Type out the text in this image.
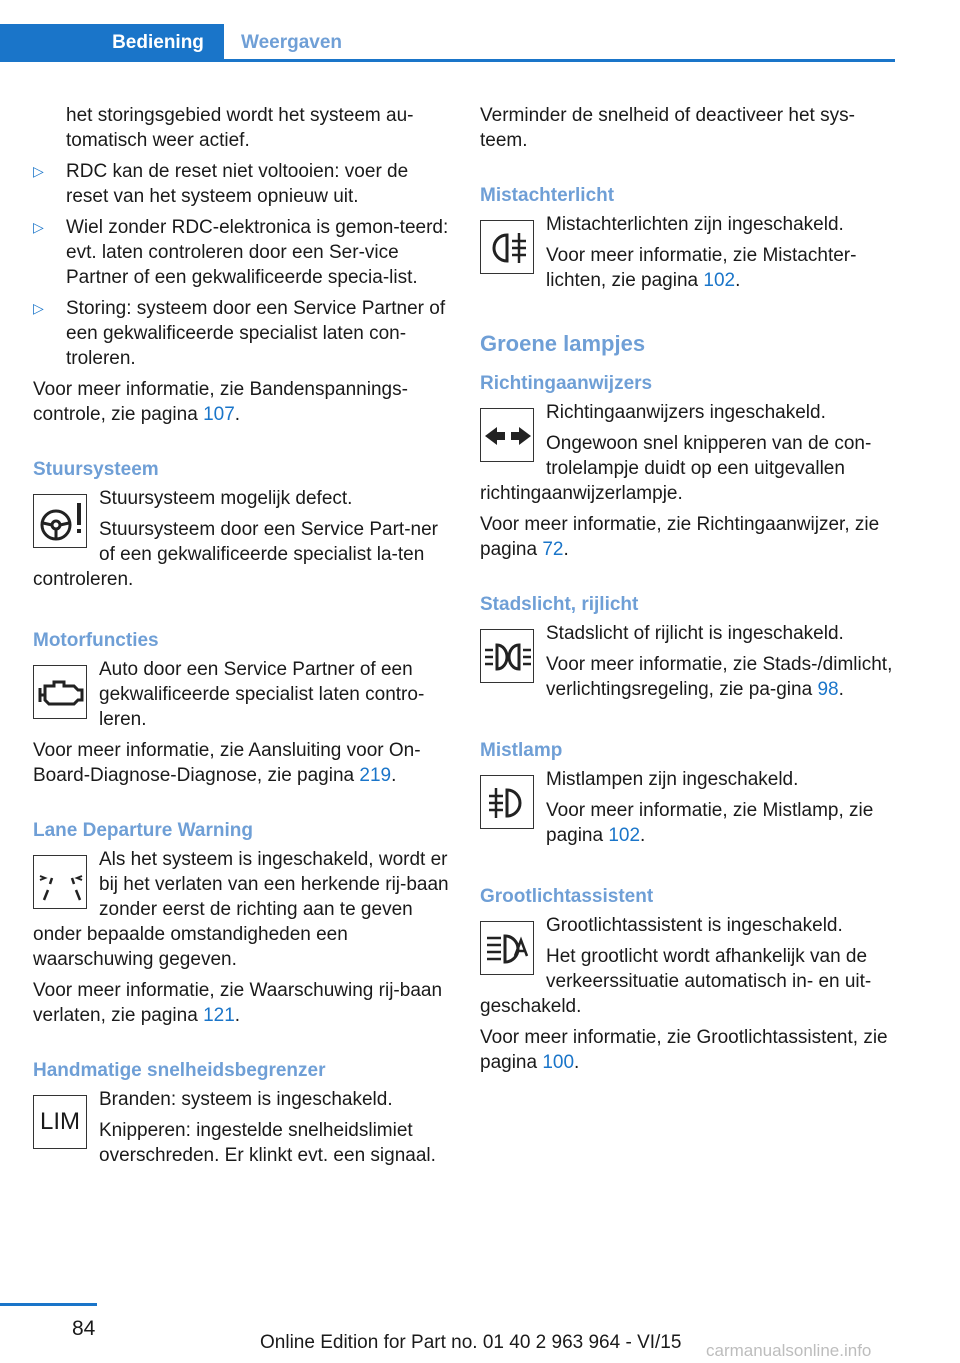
Bediening	Weergaven

het storingsgebied wordt het systeem au-tomatisch weer actief.

▷ RDC kan de reset niet voltooien: voer de reset van het systeem opnieuw uit.
▷ Wiel zonder RDC-elektronica is gemon-teerd: evt. laten controleren door een Ser-vice Partner of een gekwalificeerde specia-list.
▷ Storing: systeem door een Service Partner of een gekwalificeerde specialist laten con-troleren.

Voor meer informatie, zie Bandenspannings-controle, zie pagina 107.

Stuursysteem

Stuursysteem mogelijk defect.

Stuursysteem door een Service Part-ner of een gekwalificeerde specialist la-ten controleren.

Motorfuncties

Auto door een Service Partner of een gekwalificeerde specialist laten contro-leren.

Voor meer informatie, zie Aansluiting voor On-Board-Diagnose-Diagnose, zie pagina 219.

Lane Departure Warning

Als het systeem is ingeschakeld, wordt er bij het verlaten van een herkende rij-baan zonder eerst de richting aan te geven onder bepaalde omstandigheden een waarschuwing gegeven.

Voor meer informatie, zie Waarschuwing rij-baan verlaten, zie pagina 121.

Handmatige snelheidsbegrenzer
LIM

Branden: systeem is ingeschakeld.

Knipperen: ingestelde snelheidslimiet overschreden. Er klinkt evt. een signaal.

Verminder de snelheid of deactiveer het sys-teem.

Mistachterlicht

Mistachterlichten zijn ingeschakeld.

Voor meer informatie, zie Mistachter-lichten, zie pagina 102.

Groene lampjes
Richtingaanwijzers

Richtingaanwijzers ingeschakeld.

Ongewoon snel knipperen van de con-trolelampje duidt op een uitgevallen richtingaanwijzerlampje.

Voor meer informatie, zie Richtingaanwijzer, zie pagina 72.

Stadslicht, rijlicht

Stadslicht of rijlicht is ingeschakeld.

Voor meer informatie, zie Stads-/dimlicht, verlichtingsregeling, zie pa-gina 98.

Mistlamp

Mistlampen zijn ingeschakeld.

Voor meer informatie, zie Mistlamp, zie pagina 102.

Grootlichtassistent

Grootlichtassistent is ingeschakeld.

Het grootlicht wordt afhankelijk van de verkeerssituatie automatisch in- en uit-geschakeld.

Voor meer informatie, zie Grootlichtassistent, zie pagina 100.

84
Online Edition for Part no. 01 40 2 963 964 - VI/15 carmanualsonline.info
